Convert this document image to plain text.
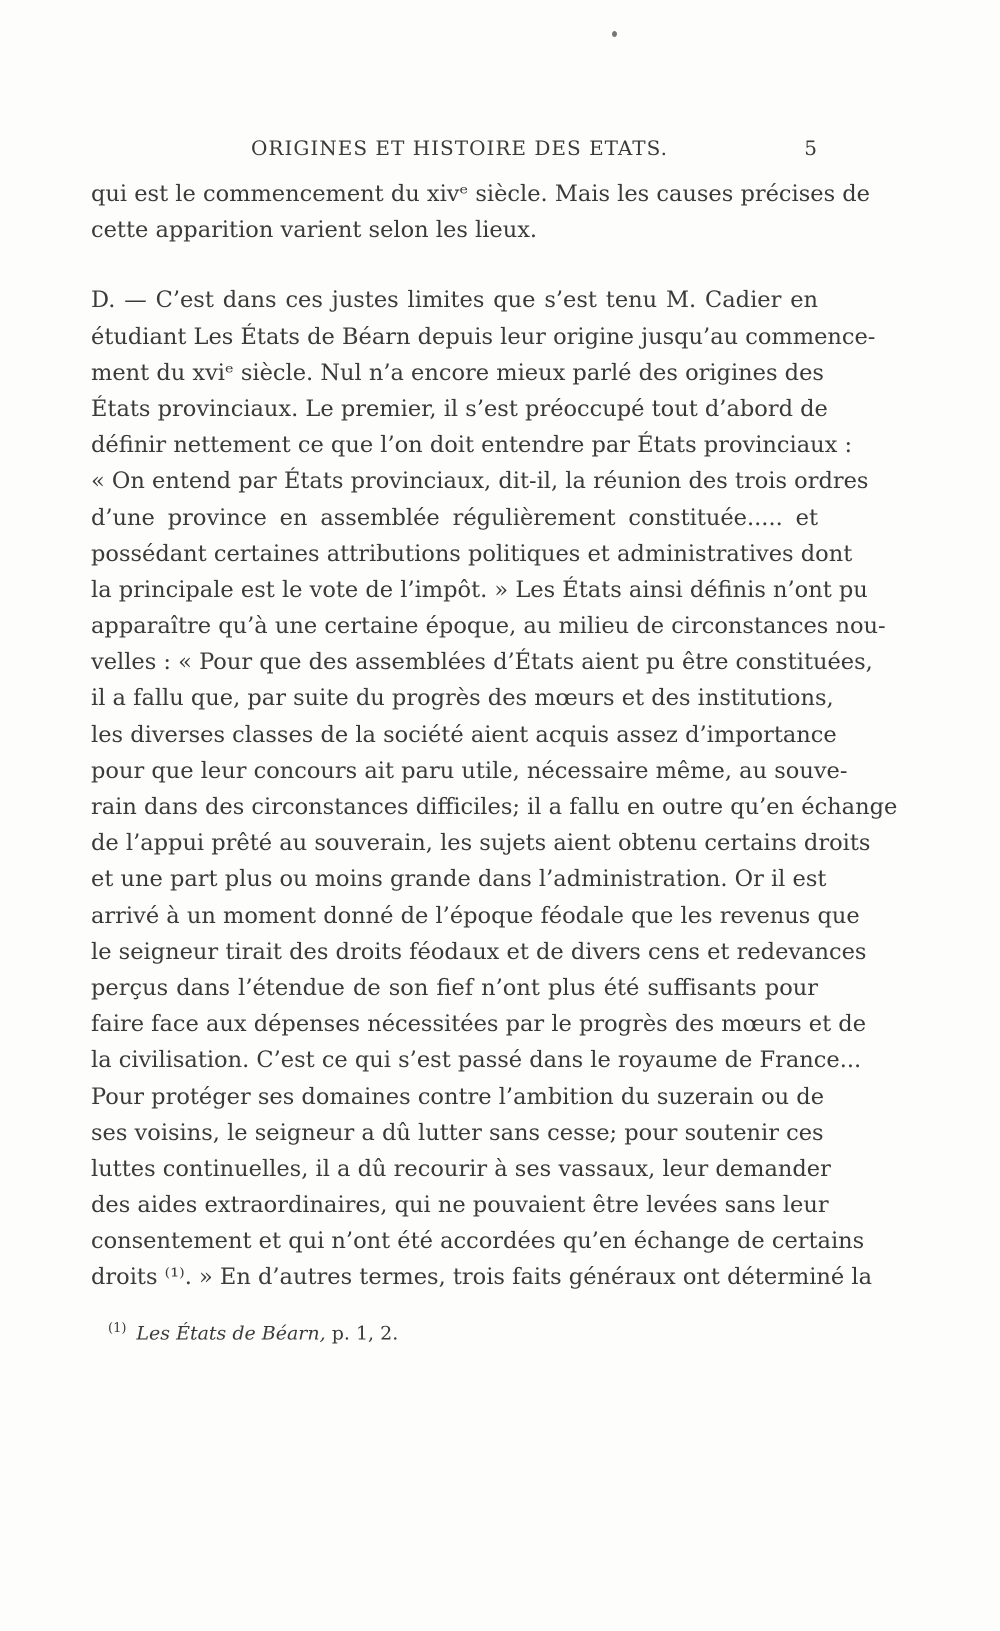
ORIGINES ET HISTOIRE DES ETATS.	5
qui est le commencement du xivᵉ siècle. Mais les causes précises de
cette apparition varient selon les lieux.
D. — C’est dans ces justes limites que s’est tenu M. Cadier en
étudiant Les États de Béarn depuis leur origine jusqu’au commence-
ment du xviᵉ siècle. Nul n’a encore mieux parlé des origines des
États provinciaux. Le premier, il s’est préoccupé tout d’abord de
définir nettement ce que l’on doit entendre par États provinciaux :
« On entend par États provinciaux, dit-il, la réunion des trois ordres
d’une province en assemblée régulièrement constituée..... et
possédant certaines attributions politiques et administratives dont
la principale est le vote de l’impôt. » Les États ainsi définis n’ont pu
apparaître qu’à une certaine époque, au milieu de circonstances nou-
velles : « Pour que des assemblées d’États aient pu être constituées,
il a fallu que, par suite du progrès des mœurs et des institutions,
les diverses classes de la société aient acquis assez d’importance
pour que leur concours ait paru utile, nécessaire même, au souve-
rain dans des circonstances difficiles; il a fallu en outre qu’en échange
de l’appui prêté au souverain, les sujets aient obtenu certains droits
et une part plus ou moins grande dans l’administration. Or il est
arrivé à un moment donné de l’époque féodale que les revenus que
le seigneur tirait des droits féodaux et de divers cens et redevances
perçus dans l’étendue de son fief n’ont plus été suffisants pour
faire face aux dépenses nécessitées par le progrès des mœurs et de
la civilisation. C’est ce qui s’est passé dans le royaume de France...
Pour protéger ses domaines contre l’ambition du suzerain ou de
ses voisins, le seigneur a dû lutter sans cesse; pour soutenir ces
luttes continuelles, il a dû recourir à ses vassaux, leur demander
des aides extraordinaires, qui ne pouvaient être levées sans leur
consentement et qui n’ont été accordées qu’en échange de certains
droits ⁽¹⁾. » En d’autres termes, trois faits généraux ont déterminé la
$^{(1)}$ Les États de Béarn, p. 1, 2.
